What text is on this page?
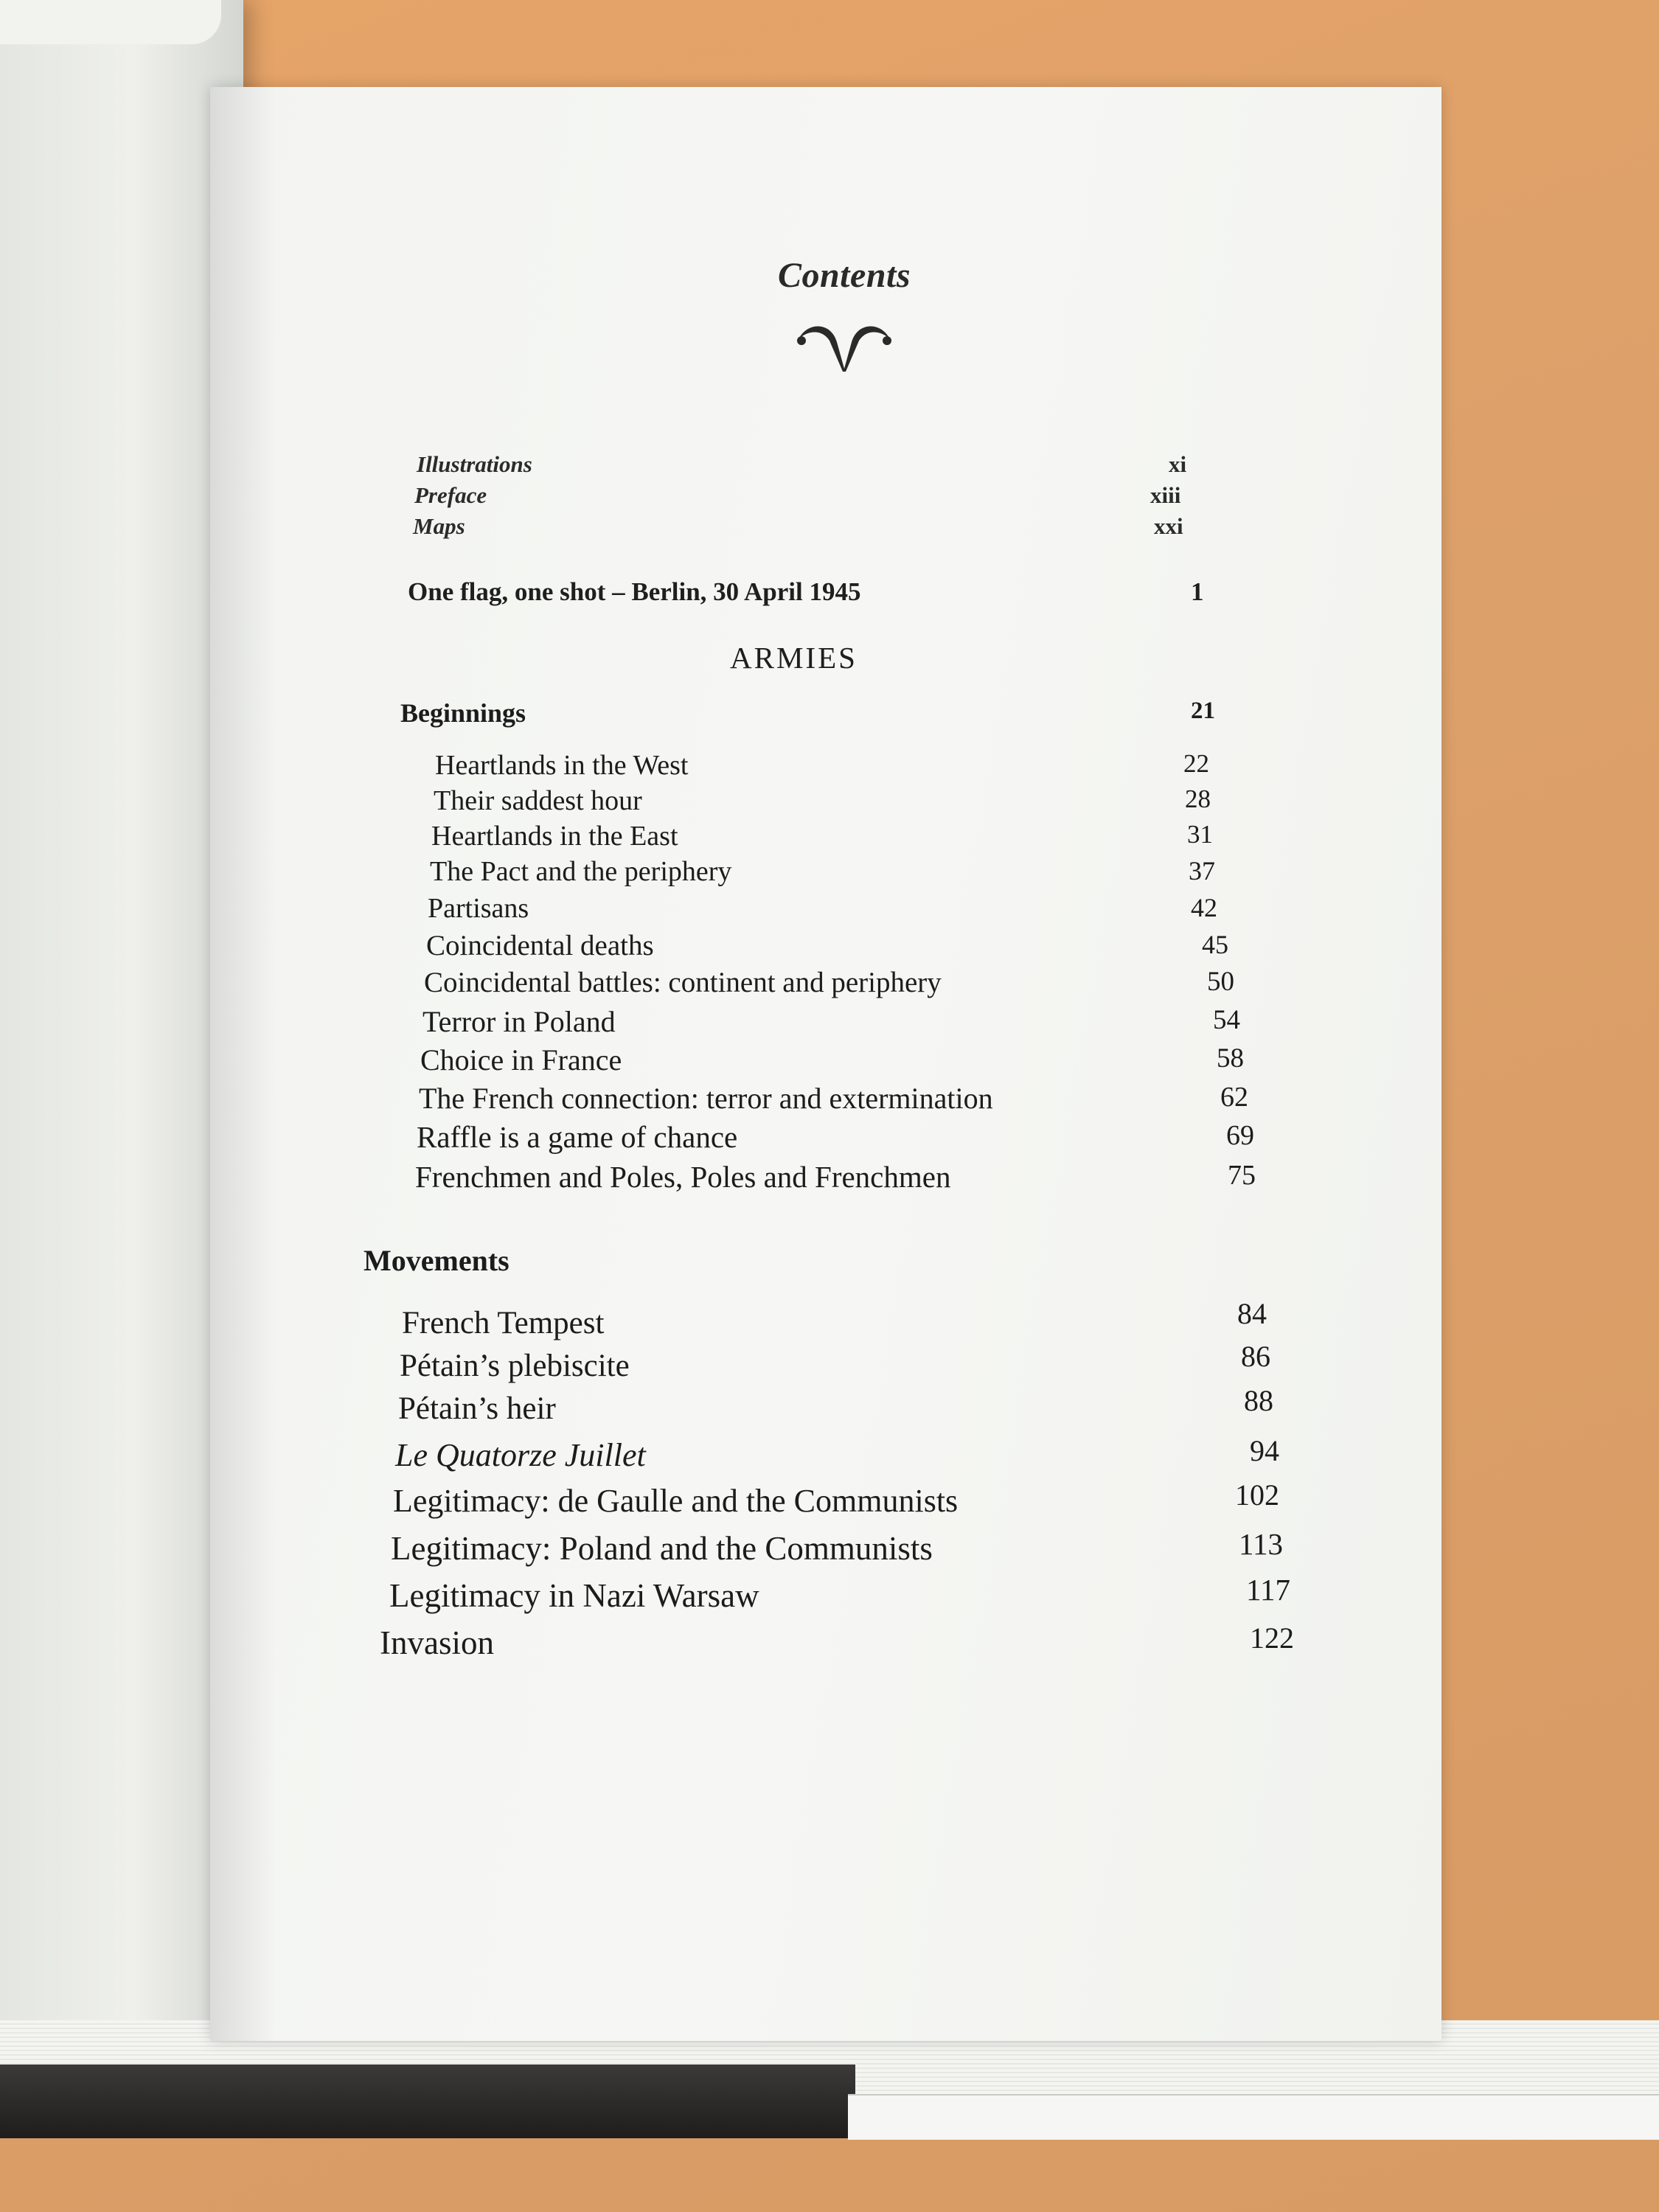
Contents
Illustrations	xi
Preface	xiii
Maps	xxi
One flag, one shot – Berlin, 30 April 1945	1
ARMIES
Beginnings	21
Heartlands in the West	22
Their saddest hour	28
Heartlands in the East	31
The Pact and the periphery	37
Partisans	42
Coincidental deaths	45
Coincidental battles: continent and periphery	50
Terror in Poland	54
Choice in France	58
The French connection: terror and extermination	62
Raffle is a game of chance	69
Frenchmen and Poles, Poles and Frenchmen	75
Movements
French Tempest	84
Pétain’s plebiscite	86
Pétain’s heir	88
Le Quatorze Juillet	94
Legitimacy: de Gaulle and the Communists	102
Legitimacy: Poland and the Communists	113
Legitimacy in Nazi Warsaw	117
Invasion	122
